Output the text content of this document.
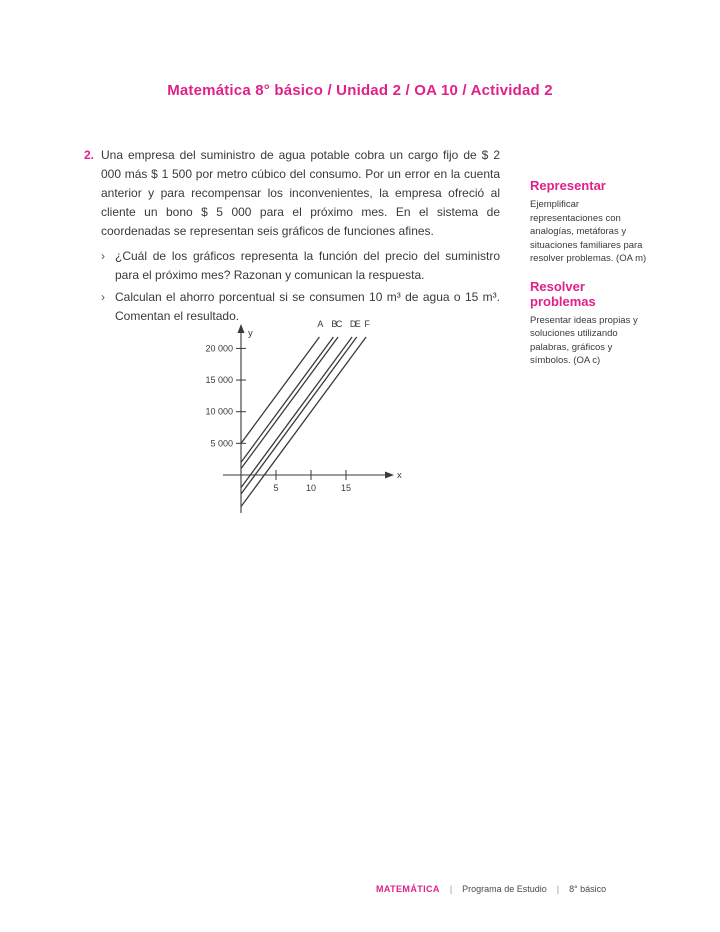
Matemática 8° básico / Unidad 2 / OA 10 / Actividad 2
2. Una empresa del suministro de agua potable cobra un cargo fijo de $ 2 000 más $ 1 500 por metro cúbico del consumo. Por un error en la cuenta anterior y para recompensar los inconvenientes, la empresa ofreció al cliente un bono $ 5 000 para el próximo mes. En el sistema de coordenadas se representan seis gráficos de funciones afines.

› ¿Cuál de los gráficos representa la función del precio del suministro para el próximo mes? Razonan y comunican la respuesta.
› Calculan el ahorro porcentual si se consumen 10 m³ de agua o 15 m³. Comentan el resultado.
y
x
5 000
10 000
15 000
20 000
5	10	15
A B
C D
E F

Representar

Ejemplificar representaciones con analogías, metáforas y situaciones familiares para resolver problemas. (OA m)

Resolver problemas

Presentar ideas propias y soluciones utilizando palabras, gráficos y símbolos. (OA c)

MATEMÁTICA | Programa de Estudio | 8° básico
